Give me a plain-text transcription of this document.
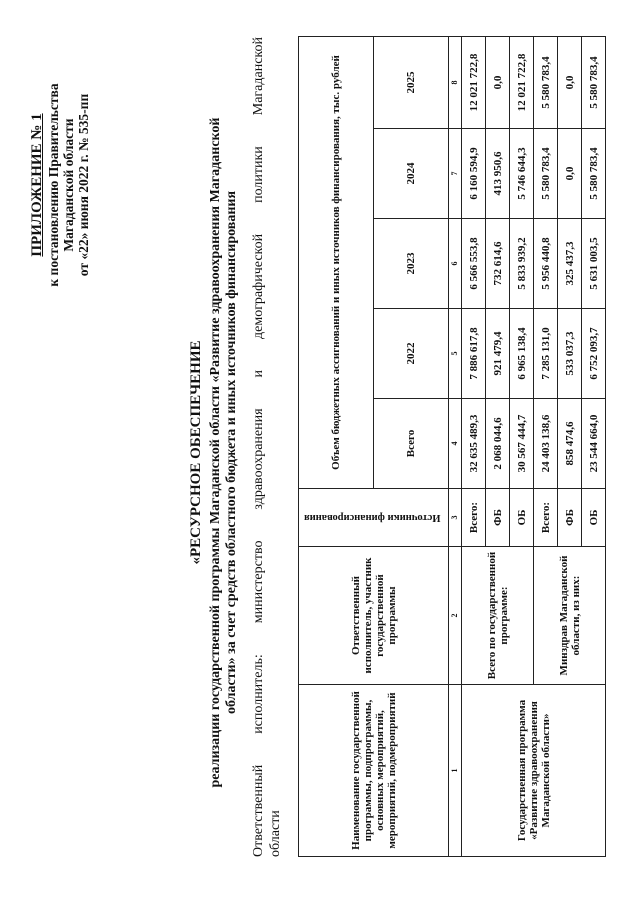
ПРИЛОЖЕНИЕ № 1 к постановлению Правительства Магаданской области от «22» июня 2022 г. № 535-пп
«РЕСУРСНОЕ ОБЕСПЕЧЕНИЕ реализации государственной программы Магаданской области «Развитие здравоохранения Магаданской области» за счет средств областного бюджета и иных источников финансирования Ответственный исполнитель: министерство здравоохранения и демографической политики Магаданской области	Наименование государственной программы, подпрограммы, основных мероприятий, мероприятий, подмероприятий	Ответственный исполнитель, участник государственной программы	Источники финансирования	Объем бюджетных ассигнований и иных источников финансирования, тыс. рублей				
			Всего	2022	2023	2024	2025
1	2	3	4	5	6	7	8
Государственная программа «Развитие здравоохранения Магаданской области»	Всего по государственной программе:	Всего:	32 635 489,3	7 886 617,8	6 566 553,8	6 160 594,9	12 021 722,8
		ФБ	2 068 044,6	921 479,4	732 614,6	413 950,6	0,0
		ОБ	30 567 444,7	6 965 138,4	5 833 939,2	5 746 644,3	12 021 722,8
	Минздрав Магаданской области, из них:	Всего:	24 403 138,6	7 285 131,0	5 956 440,8	5 580 783,4	5 580 783,4
		ФБ	858 474,6	533 037,3	325 437,3	0,0	0,0
		ОБ	23 544 664,0	6 752 093,7	5 631 003,5	5 580 783,4	5 580 783,4
